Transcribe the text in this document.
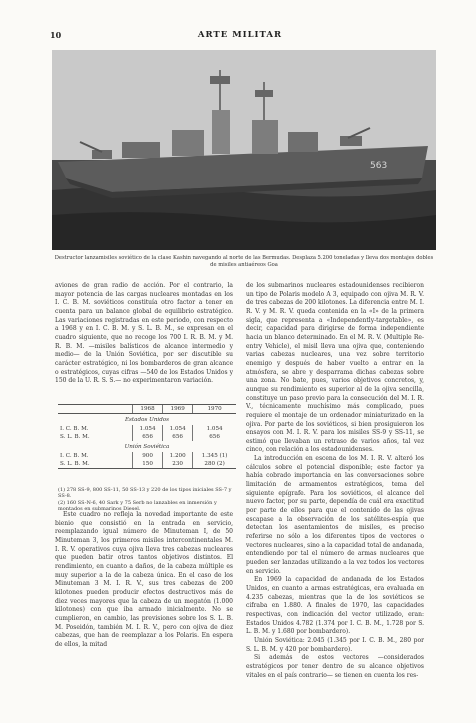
10	ARTE MILITAR
563
Destructor lanzamisiles soviético de la clase Kashin navegando al norte de las Bermudas. Desplaza 5.200 toneladas y lleva dos montajes dobles de misiles antiaéreos Goa

aviones de gran radio de acción. Por el contrario, la mayor potencia de las cargas nucleares montadas en los I. C. B. M. soviéticos constituía otro factor a tener en cuenta para un balance global de equilibrio estratégico. Las variaciones registradas en este periodo, con respecto a 1968 y en I. C. B. M. y S. L. B. M., se expresan en el cuadro siguiente, que no recoge los 700 I. R. B. M. y M. R. B. M. —misiles balísticos de alcance intermedio y medio— de la Unión Soviética, por ser discutible su carácter estratégico, ni los bombarderos de gran alcance o estratégicos, cuyas cifras —540 de los Estados Unidos y 150 de la U. R. S. S.— no experimentaron variación.

	1968	1969	1970
Estados Unidos			
I. C. B. M.	1.054	1.054	1.054
S. L. B. M.	656	656	656
Unión Soviética			
I. C. B. M.	900	1.200	1.345 (1)
S. L. B. M.	150	230	280 (2)
(1) 278 SS-9, 800 SS-11, 50 SS-13 y 220 de los tipos iniciales SS-7 y SS-8.
(2) 160 SS-N-6, 40 Sark y 75 Serb no lanzables en inmersión y montados en submarinos Diesel.

Este cuadro no refleja la novedad importante de este bienio que consistió en la entrada en servicio, reemplazando igual número de Minuteman I, de 50 Minuteman 3, los primeros misiles intercontinentales M. I. R. V. operativos cuya ojiva lleva tres cabezas nucleares que pueden batir otros tantos objetivos distintos. El rendimiento, en cuanto a daños, de la cabeza múltiple es muy superior a la de la cabeza única. En el caso de los Minuteman 3 M. I. R. V., sus tres cabezas de 200 kilotones pueden producir efectos destructivos más de diez veces mayores que la cabeza de un megatón (1.000 kilotones) con que iba armado inicialmente. No se cumplieron, en cambio, las previsiones sobre los S. L. B. M. Poseidón, también M. I. R. V., pero con ojiva de diez cabezas, que han de reemplazar a los Polaris. En espera de ellos, la mitad

de los submarinos nucleares estadounidenses recibieron un tipo de Polaris modelo A 3, equipado con ojiva M. R. V. de tres cabezas de 200 kilotones. La diferencia entre M. I. R. V. y M. R. V. queda contenida en la «I» de la primera sigla, que representa a «Independently-targetable», es decir, capacidad para dirigirse de forma independiente hacia un blanco determinado. En el M. R. V. (Multiple Re-entry Vehicle), el misil lleva una ojiva que, conteniendo varias cabezas nucleares, una vez sobre territorio enemigo y después de haber vuelto a entrar en la atmósfera, se abre y desparrama dichas cabezas sobre una zona. No bate, pues, varios objetivos concretos, y, aunque su rendimiento es superior al de la ojiva sencilla, constituye un paso previo para la consecución del M. I. R. V., técnicamente muchísimo más complicado, pues requiere el montaje de un ordenador miniaturizado en la ojiva. Por parte de los soviéticos, si bien prosiguieron los ensayos con M. I. R. V. para los misiles SS-9 y SS-11, se estimó que llevaban un retraso de varios años, tal vez cinco, con relación a los estadounidenses.

La introducción en escena de los M. I. R. V. alteró los cálculos sobre el potencial disponible; este factor ya había cobrado importancia en las conversaciones sobre limitación de armamentos estratégicos, tema del siguiente epígrafe. Para los soviéticos, el alcance del nuevo factor, por su parte, dependía de cuál era exactitud por parte de ellos para que el contenido de las ojivas escapase a la observación de los satélites-espía que detectan los asentamientos de misiles, es preciso referirse no sólo a los diferentes tipos de vectores o vectores nucleares, sino a la capacidad total de andanada, entendiendo por tal el número de armas nucleares que pueden ser lanzadas utilizando a la vez todos los vectores en servicio.

En 1969 la capacidad de andanada de los Estados Unidos, en cuanto a armas estratégicas, era evaluada en 4.235 cabezas, mientras que la de los soviéticos se cifraba en 1.880. A finales de 1970, las capacidades respectivas, con indicación del vector utilizado, eran: Estados Unidos 4.782 (1.374 por I. C. B. M., 1.728 por S. L. B. M. y 1.680 por bombardero).

Unión Soviética: 2.045 (1.345 por I. C. B. M., 280 por S. L. B. M. y 420 por bombardero).

Si además de estos vectores —considerados estratégicos por tener dentro de su alcance objetivos vitales en el país contrario— se tienen en cuenta los res-
